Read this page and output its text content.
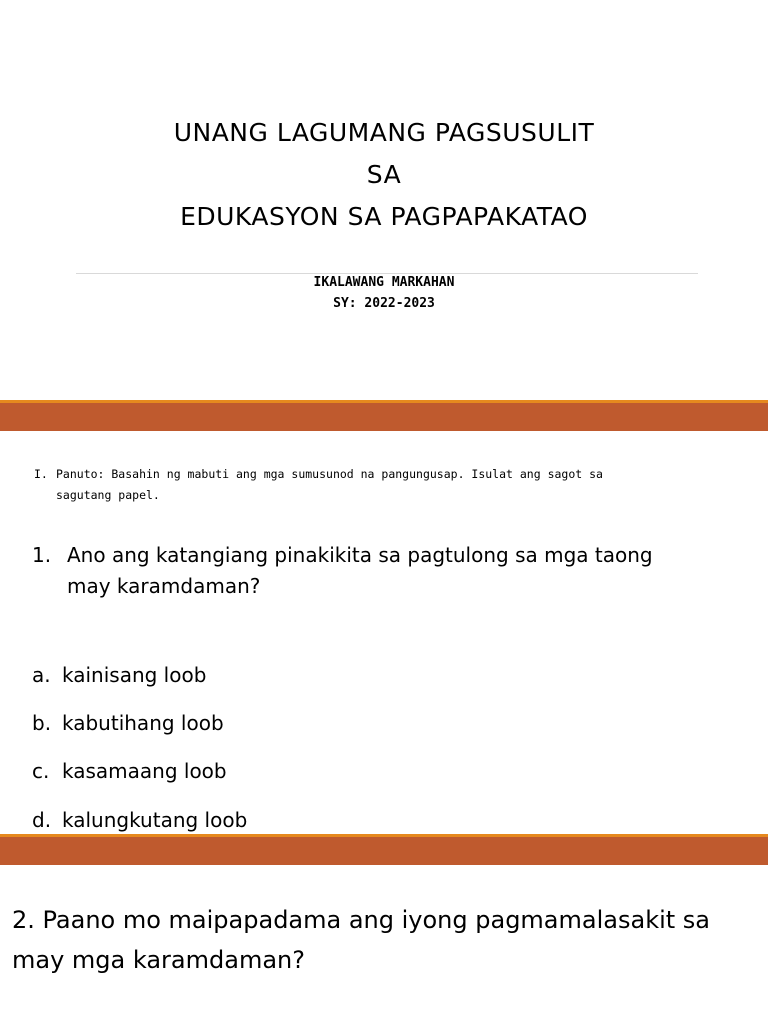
UNANG LAGUMANG PAGSUSULIT
SA
EDUKASYON SA PAGPAPAKATAO
IKALAWANG MARKAHAN
SY: 2022-2023
I. Panuto: Basahin ng mabuti ang mga sumusunod na pangungusap. Isulat ang sagot sa sagutang papel.
1. Ano ang katangiang pinakikita sa pagtulong sa mga taong may karamdaman?
a. kainisang loob
b. kabutihang loob
c. kasamaang loob
d. kalungkutang loob
2. Paano mo maipapadama ang iyong pagmamalasakit sa may mga karamdaman?
